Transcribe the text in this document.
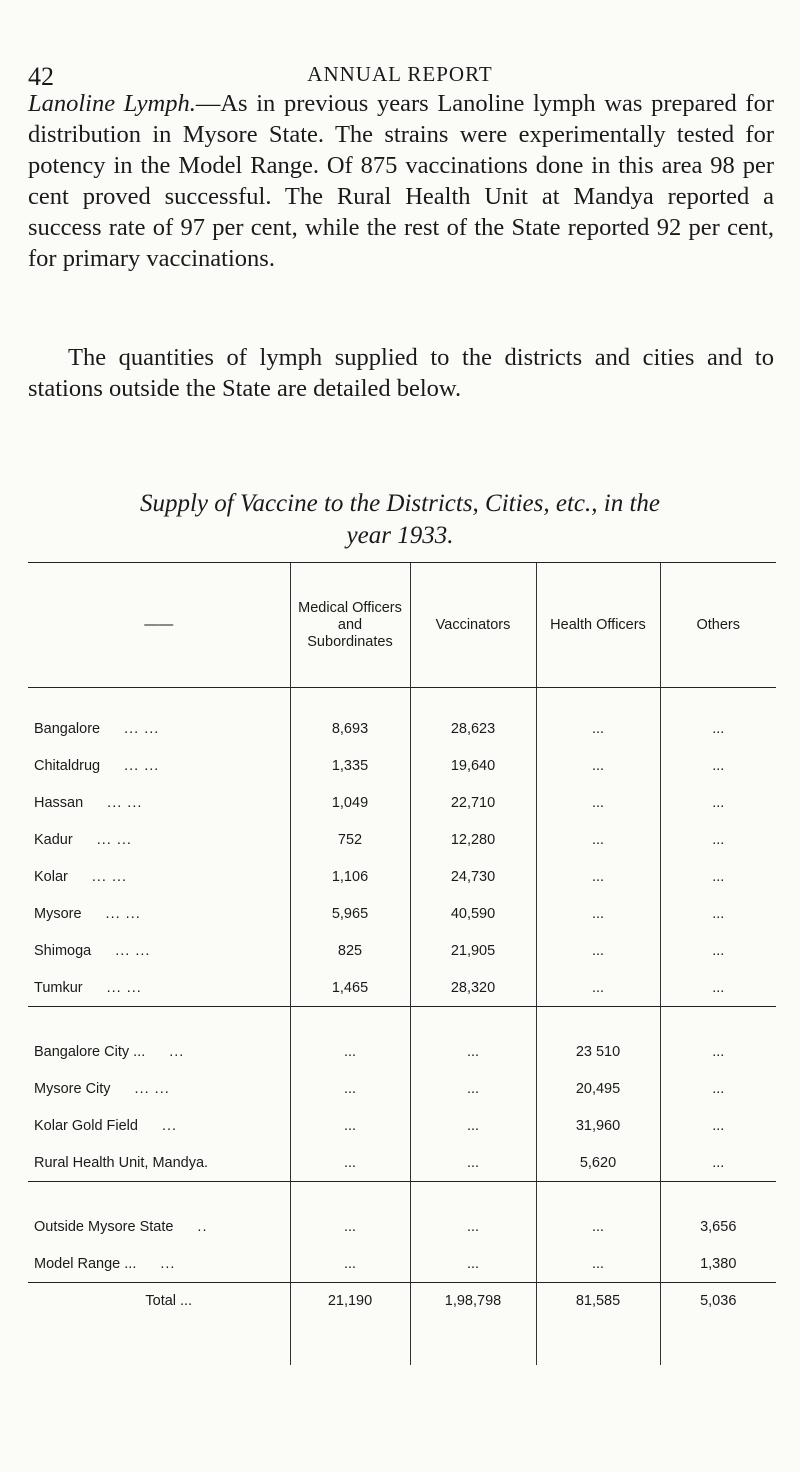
42	ANNUAL REPORT

Lanoline Lymph.—As in previous years Lanoline lymph was prepared for distribution in Mysore State. The strains were experimentally tested for potency in the Model Range. Of 875 vaccinations done in this area 98 per cent proved successful. The Rural Health Unit at Mandya reported a success rate of 97 per cent, while the rest of the State reported 92 per cent, for primary vaccinations.

The quantities of lymph supplied to the districts and cities and to stations outside the State are detailed below.

Supply of Vaccine to the Districts, Cities, etc., in the
year 1933.
——	Medical Officers and Subordinates	Vaccinators	Health Officers	Others

Bangalore ... ...	8,693	28,623	...	...
Chitaldrug ... ...	1,335	19,640	...	...
Hassan ... ...	1,049	22,710	...	...
Kadur ... ...	752	12,280	...	...
Kolar ... ...	1,106	24,730	...	...
Mysore ... ...	5,965	40,590	...	...
Shimoga ... ...	825	21,905	...	...
Tumkur ... ...	1,465	28,320	...	...

Bangalore City ... ...	...	...	23 510	...
Mysore City ... ...	...	...	20,495	...
Kolar Gold Field ...	...	...	31,960	...
Rural Health Unit, Mandya.	...	...	5,620	...

Outside Mysore State ..	...	...	...	3,656
Model Range ... ...	...	...	...	1,380
Total ...	21,190	1,98,798	81,585	5,036
